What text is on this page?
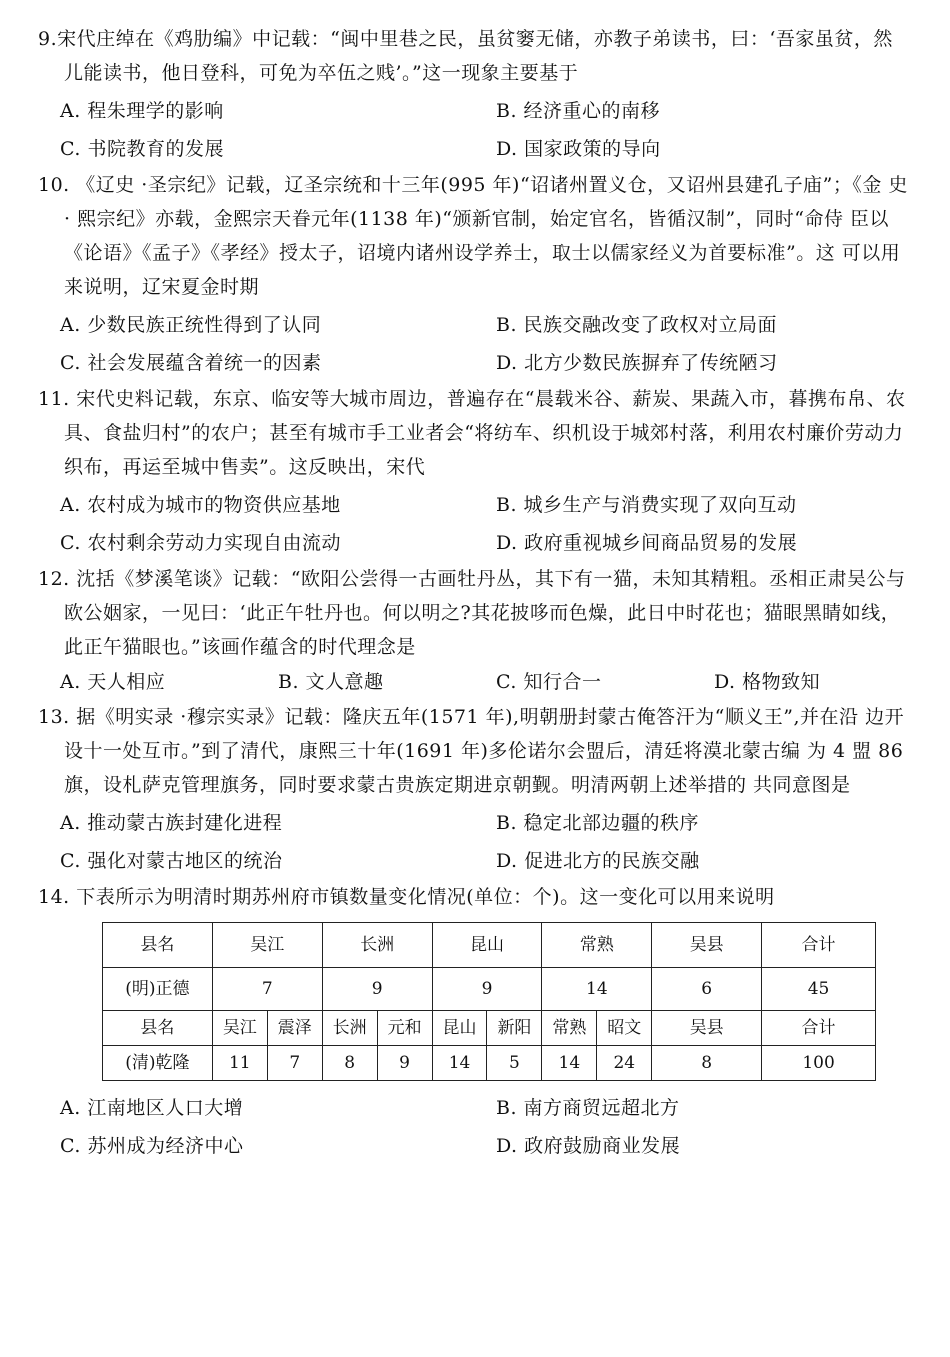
9.宋代庄绰在《鸡肋编》中记载：“闽中里巷之民，虽贫窭无储，亦教子弟读书，曰：‘吾家虽贫，然 儿能读书，他日登科，可免为卒伍之贱’。”这一现象主要基于
A. 程朱理学的影响	B. 经济重心的南移
C. 书院教育的发展	D. 国家政策的导向
10. 《辽史 ·圣宗纪》记载，辽圣宗统和十三年(995 年)“诏诸州置义仓，又诏州县建孔子庙”；《金 史 · 熙宗纪》亦载，金熙宗天眷元年(1138 年)“颁新官制，始定官名，皆循汉制”，同时“命侍 臣以《论语》《孟子》《孝经》授太子，诏境内诸州设学养士，取士以儒家经义为首要标准”。这 可以用来说明，辽宋夏金时期
A. 少数民族正统性得到了认同	B. 民族交融改变了政权对立局面
C. 社会发展蕴含着统一的因素	D. 北方少数民族摒弃了传统陋习
11. 宋代史料记载，东京、临安等大城市周边，普遍存在“晨载米谷、薪炭、果蔬入市，暮携布帛、农具、食盐归村”的农户；甚至有城市手工业者会“将纺车、织机设于城郊村落，利用农村廉价劳动力织布，再运至城中售卖”。这反映出，宋代
A. 农村成为城市的物资供应基地	B. 城乡生产与消费实现了双向互动
C. 农村剩余劳动力实现自由流动	D. 政府重视城乡间商品贸易的发展
12. 沈括《梦溪笔谈》记载：“欧阳公尝得一古画牡丹丛，其下有一猫，未知其精粗。丞相正肃吴公与欧公姻家，一见曰：‘此正午牡丹也。何以明之?其花披哆而色燥，此日中时花也；猫眼黑睛如线，此正午猫眼也。”该画作蕴含的时代理念是
A. 天人相应	B. 文人意趣	C. 知行合一	D. 格物致知
13. 据《明实录 ·穆宗实录》记载：隆庆五年(1571 年),明朝册封蒙古俺答汗为“顺义王”,并在沿 边开设十一处互市。”到了清代，康熙三十年(1691 年)多伦诺尔会盟后，清廷将漠北蒙古编 为 4 盟 86 旗，设札萨克管理旗务，同时要求蒙古贵族定期进京朝觐。明清两朝上述举措的 共同意图是
A. 推动蒙古族封建化进程	B. 稳定北部边疆的秩序
C. 强化对蒙古地区的统治	D. 促进北方的民族交融
14. 下表所示为明清时期苏州府市镇数量变化情况(单位：个)。这一变化可以用来说明
县名	吴江		长洲		昆山		常熟		吴县	合计
(明)正德	7		9		9		14		6	45
县名	吴江	震泽	长洲	元和	昆山	新阳	常熟	昭文	吴县	合计
(清)乾隆	11	7	8	9	14	5	14	24	8	100
A. 江南地区人口大增	B. 南方商贸远超北方
C. 苏州成为经济中心	D. 政府鼓励商业发展
